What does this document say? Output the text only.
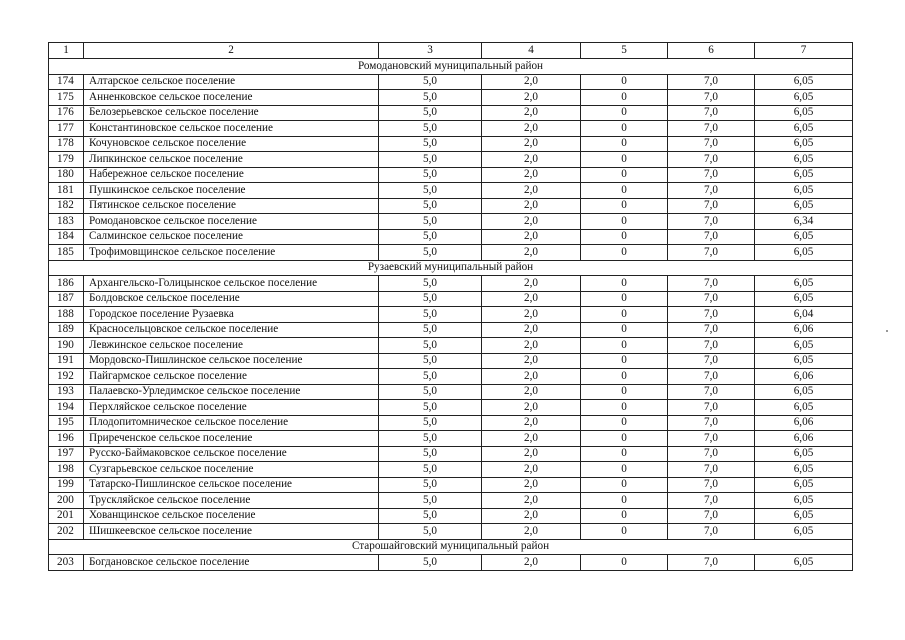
1	2	3	4	5	6	7
Ромодановский муниципальный район						
174	Алтарское сельское поселение	5,0	2,0	0	7,0	6,05
175	Анненковское сельское поселение	5,0	2,0	0	7,0	6,05
176	Белозерьевское сельское поселение	5,0	2,0	0	7,0	6,05
177	Константиновское сельское поселение	5,0	2,0	0	7,0	6,05
178	Кочуновское сельское поселение	5,0	2,0	0	7,0	6,05
179	Липкинское сельское поселение	5,0	2,0	0	7,0	6,05
180	Набережное сельское поселение	5,0	2,0	0	7,0	6,05
181	Пушкинское сельское поселение	5,0	2,0	0	7,0	6,05
182	Пятинское сельское поселение	5,0	2,0	0	7,0	6,05
183	Ромодановское сельское поселение	5,0	2,0	0	7,0	6,34
184	Салминское сельское поселение	5,0	2,0	0	7,0	6,05
185	Трофимовщинское сельское поселение	5,0	2,0	0	7,0	6,05
Рузаевский муниципальный район						
186	Архангельско-Голицынское сельское поселение	5,0	2,0	0	7,0	6,05
187	Болдовское сельское поселение	5,0	2,0	0	7,0	6,05
188	Городское поселение Рузаевка	5,0	2,0	0	7,0	6,04
189	Красносельцовское сельское поселение	5,0	2,0	0	7,0	6,06
190	Левжинское сельское поселение	5,0	2,0	0	7,0	6,05
191	Мордовско-Пишлинское сельское поселение	5,0	2,0	0	7,0	6,05
192	Пайгармское сельское поселение	5,0	2,0	0	7,0	6,06
193	Палаевско-Урледимское сельское поселение	5,0	2,0	0	7,0	6,05
194	Перхляйское сельское поселение	5,0	2,0	0	7,0	6,05
195	Плодопитомническое сельское поселение	5,0	2,0	0	7,0	6,06
196	Приреченское сельское поселение	5,0	2,0	0	7,0	6,06
197	Русско-Баймаковское сельское поселение	5,0	2,0	0	7,0	6,05
198	Сузгарьевское сельское поселение	5,0	2,0	0	7,0	6,05
199	Татарско-Пишлинское сельское поселение	5,0	2,0	0	7,0	6,05
200	Трускляйское сельское поселение	5,0	2,0	0	7,0	6,05
201	Хованщинское сельское поселение	5,0	2,0	0	7,0	6,05
202	Шишкеевское сельское поселение	5,0	2,0	0	7,0	6,05
Старошайговский муниципальный район						
203	Богдановское сельское поселение	5,0	2,0	0	7,0	6,05
